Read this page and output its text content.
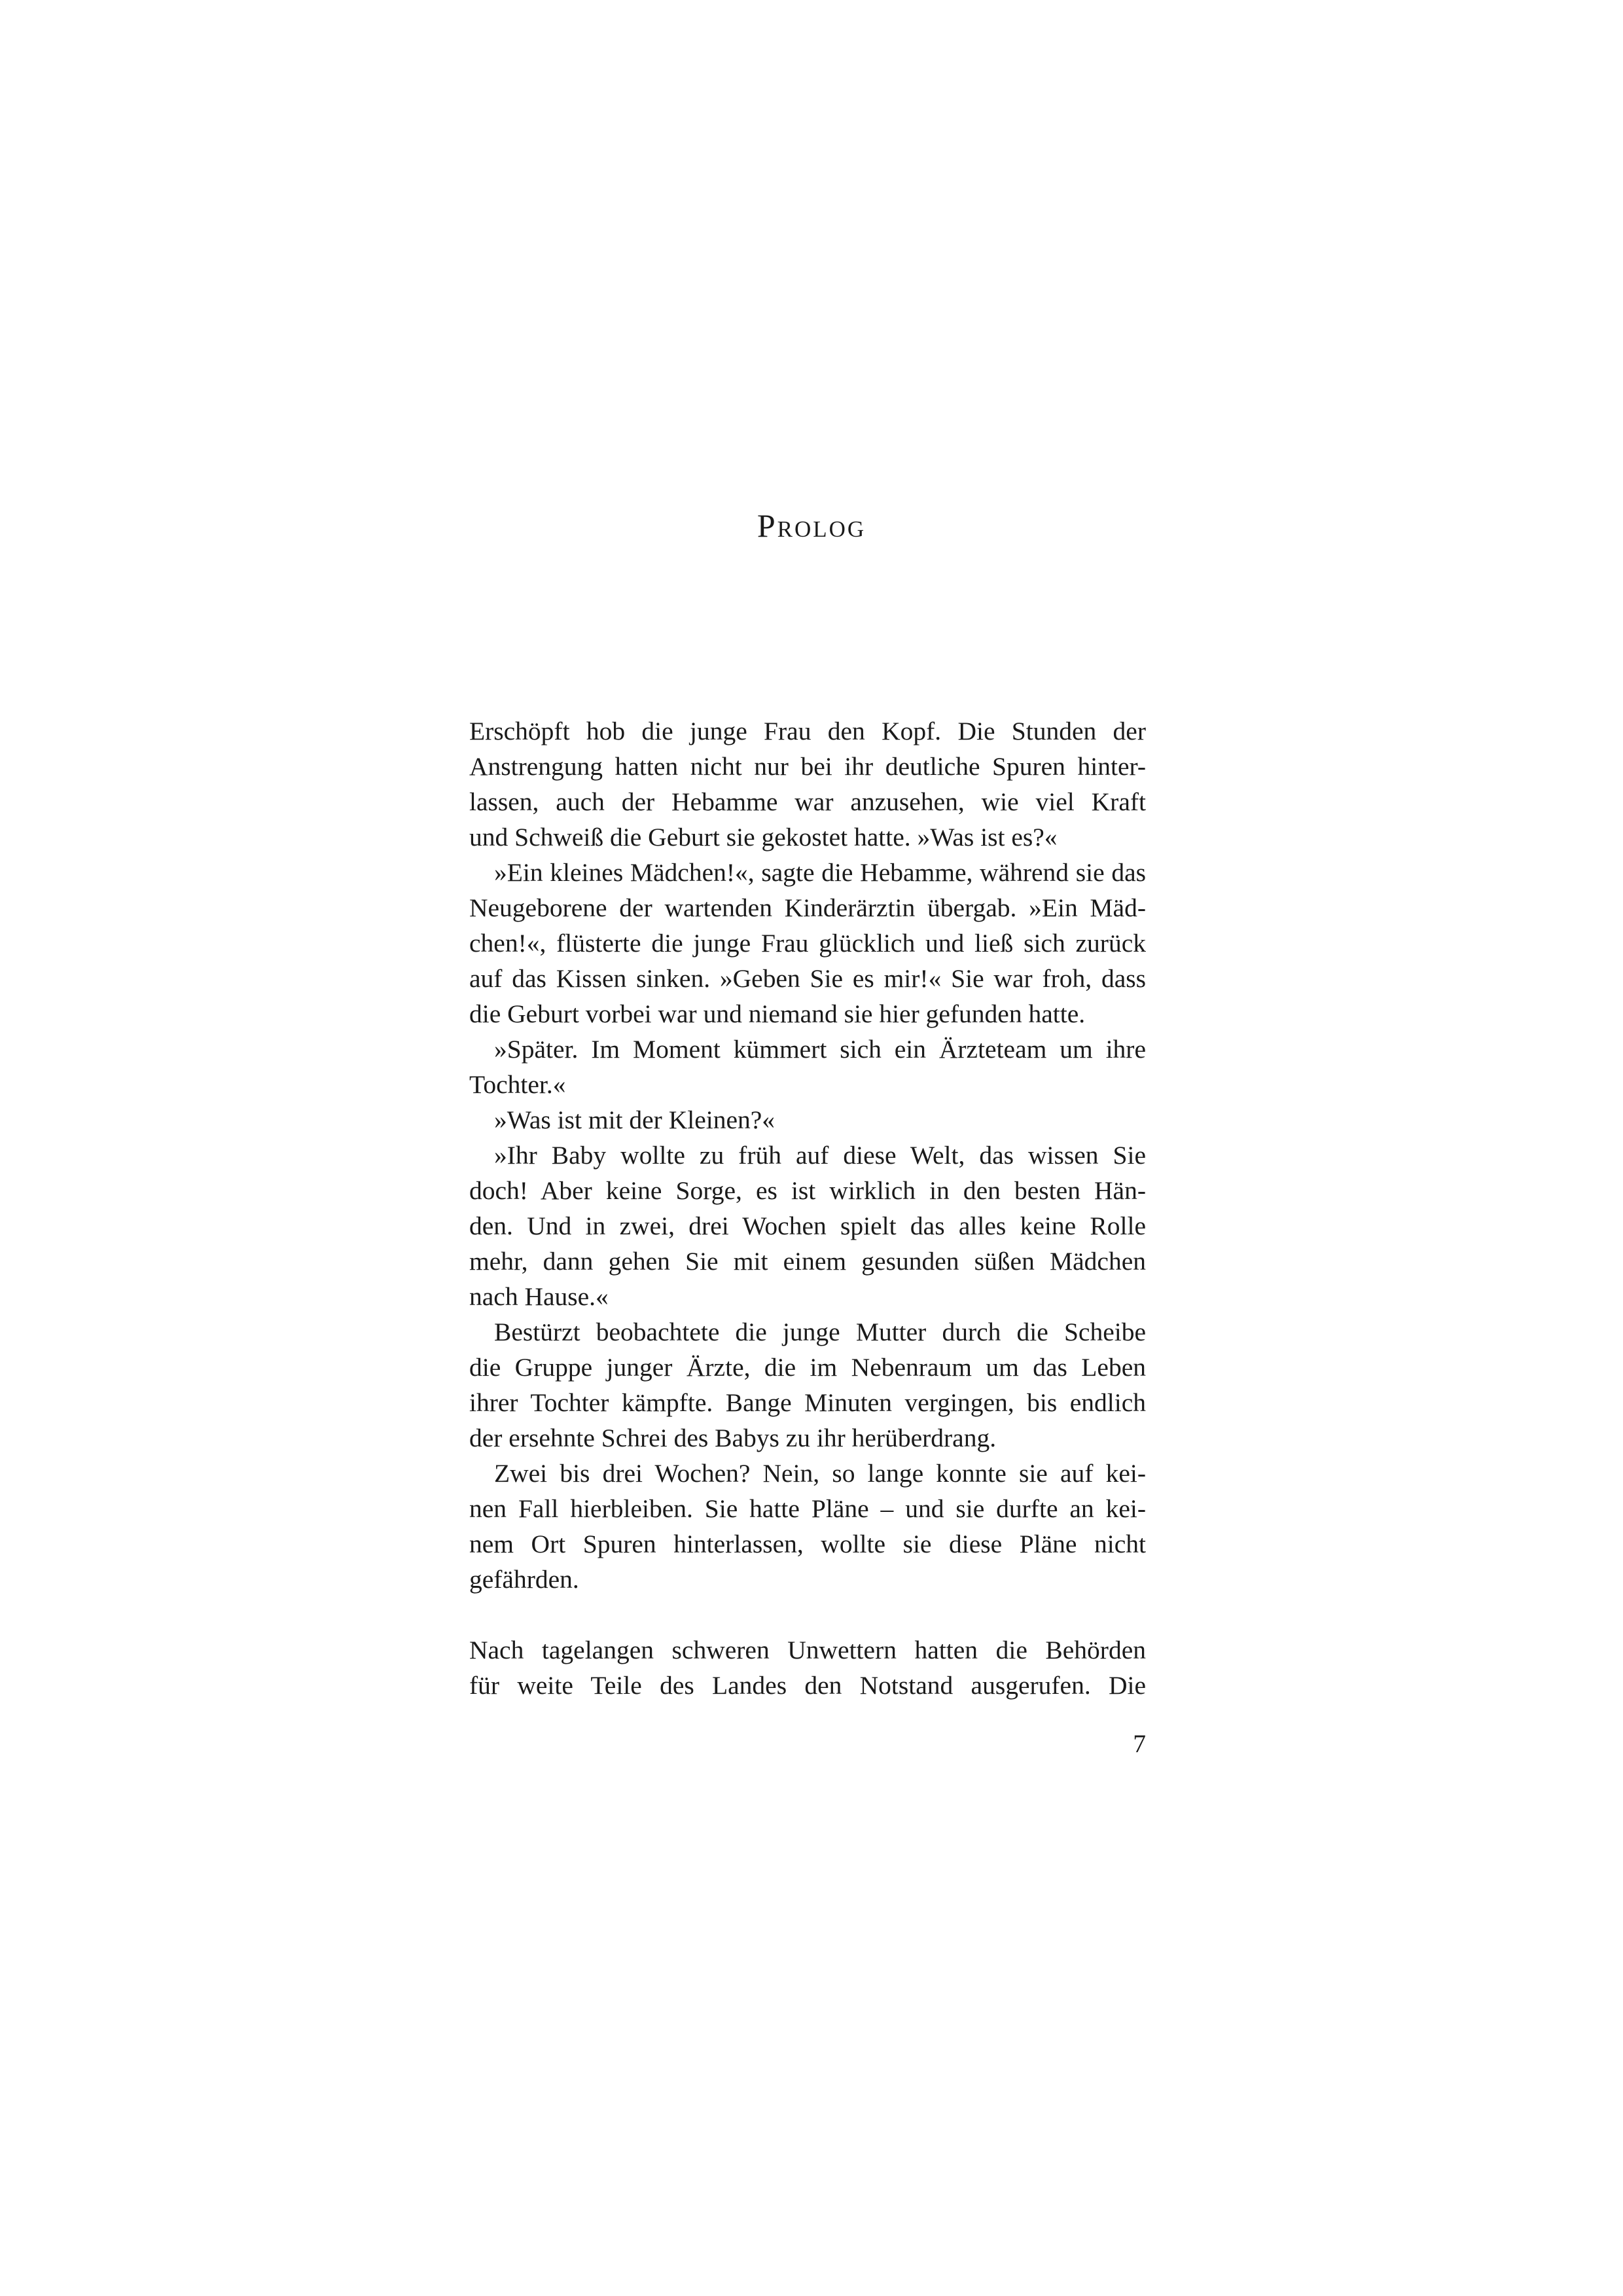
Prolog

Erschöpft hob die junge Frau den Kopf. Die Stunden der

Anstrengung hatten nicht nur bei ihr deutliche Spuren hinter-

lassen, auch der Hebamme war anzusehen, wie viel Kraft

und Schweiß die Geburt sie gekostet hatte. »Was ist es?«

»Ein kleines Mädchen!«, sagte die Hebamme, während sie das

Neugeborene der wartenden Kinderärztin übergab. »Ein Mäd-

chen!«, flüsterte die junge Frau glücklich und ließ sich zurück

auf das Kissen sinken. »Geben Sie es mir!« Sie war froh, dass

die Geburt vorbei war und niemand sie hier gefunden hatte.

»Später. Im Moment kümmert sich ein Ärzteteam um ihre

Tochter.«

»Was ist mit der Kleinen?«

»Ihr Baby wollte zu früh auf diese Welt, das wissen Sie

doch! Aber keine Sorge, es ist wirklich in den besten Hän-

den. Und in zwei, drei Wochen spielt das alles keine Rolle

mehr, dann gehen Sie mit einem gesunden süßen Mädchen

nach Hause.«

Bestürzt beobachtete die junge Mutter durch die Scheibe

die Gruppe junger Ärzte, die im Nebenraum um das Leben

ihrer Tochter kämpfte. Bange Minuten vergingen, bis endlich

der ersehnte Schrei des Babys zu ihr herüberdrang.

Zwei bis drei Wochen? Nein, so lange konnte sie auf kei-

nen Fall hierbleiben. Sie hatte Pläne – und sie durfte an kei-

nem Ort Spuren hinterlassen, wollte sie diese Pläne nicht

gefährden.

Nach tagelangen schweren Unwettern hatten die Behörden

für weite Teile des Landes den Notstand ausgerufen. Die

7
